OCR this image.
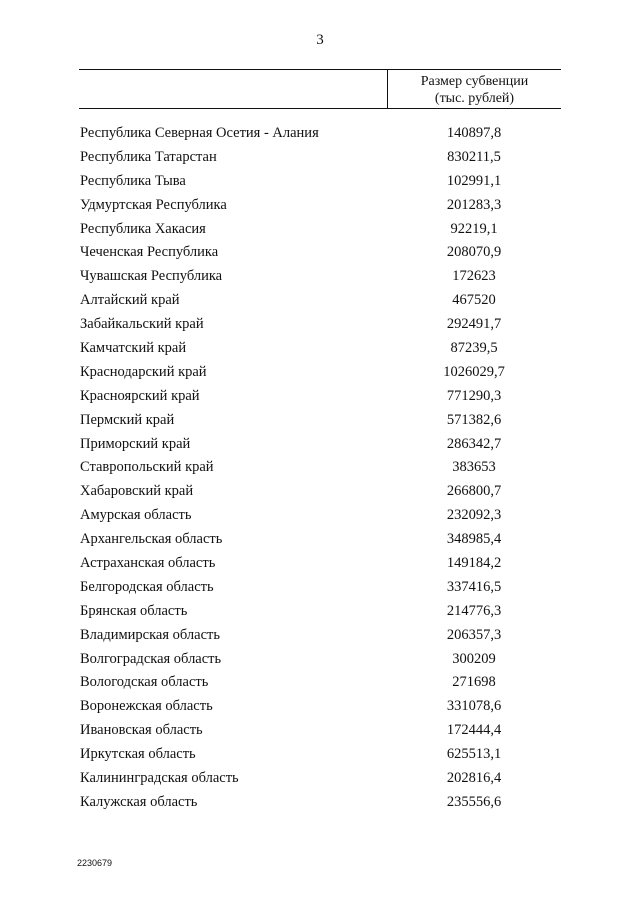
3
Размер субвенции
(тыс. рублей)
Республика Северная Осетия - Алания	140897,8
Республика Татарстан	830211,5
Республика Тыва	102991,1
Удмуртская Республика	201283,3
Республика Хакасия	92219,1
Чеченская Республика	208070,9
Чувашская Республика	172623
Алтайский край	467520
Забайкальский край	292491,7
Камчатский край	87239,5
Краснодарский край	1026029,7
Красноярский край	771290,3
Пермский край	571382,6
Приморский край	286342,7
Ставропольский край	383653
Хабаровский край	266800,7
Амурская область	232092,3
Архангельская область	348985,4
Астраханская область	149184,2
Белгородская область	337416,5
Брянская область	214776,3
Владимирская область	206357,3
Волгоградская область	300209
Вологодская область	271698
Воронежская область	331078,6
Ивановская область	172444,4
Иркутская область	625513,1
Калининградская область	202816,4
Калужская область	235556,6
2230679
